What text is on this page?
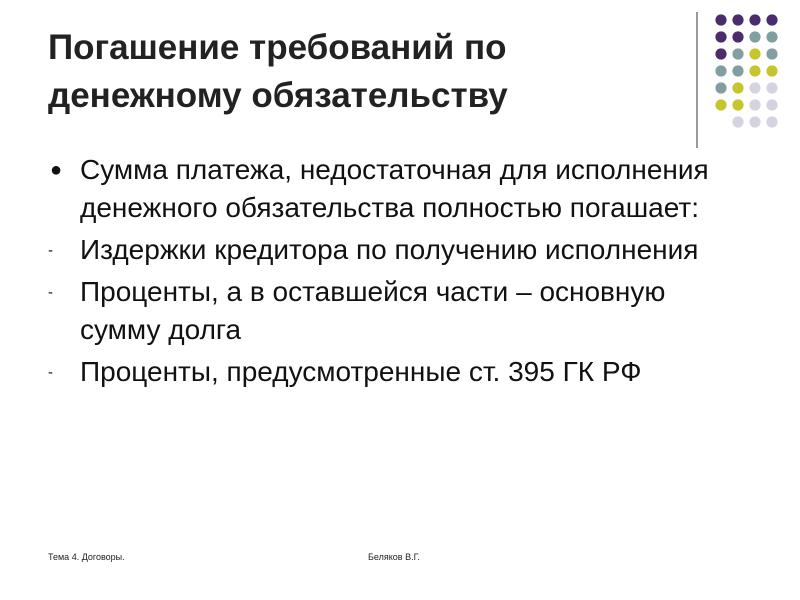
Погашение требований по
денежному обязательству
● Сумма платежа, недостаточная для исполнения денежного обязательства полностью погашает:
- Издержки кредитора по получению исполнения
- Проценты, а в оставшейся части – основную сумму долга
- Проценты, предусмотренные ст. 395 ГК РФ
Тема 4. Договоры.	Беляков В.Г.
